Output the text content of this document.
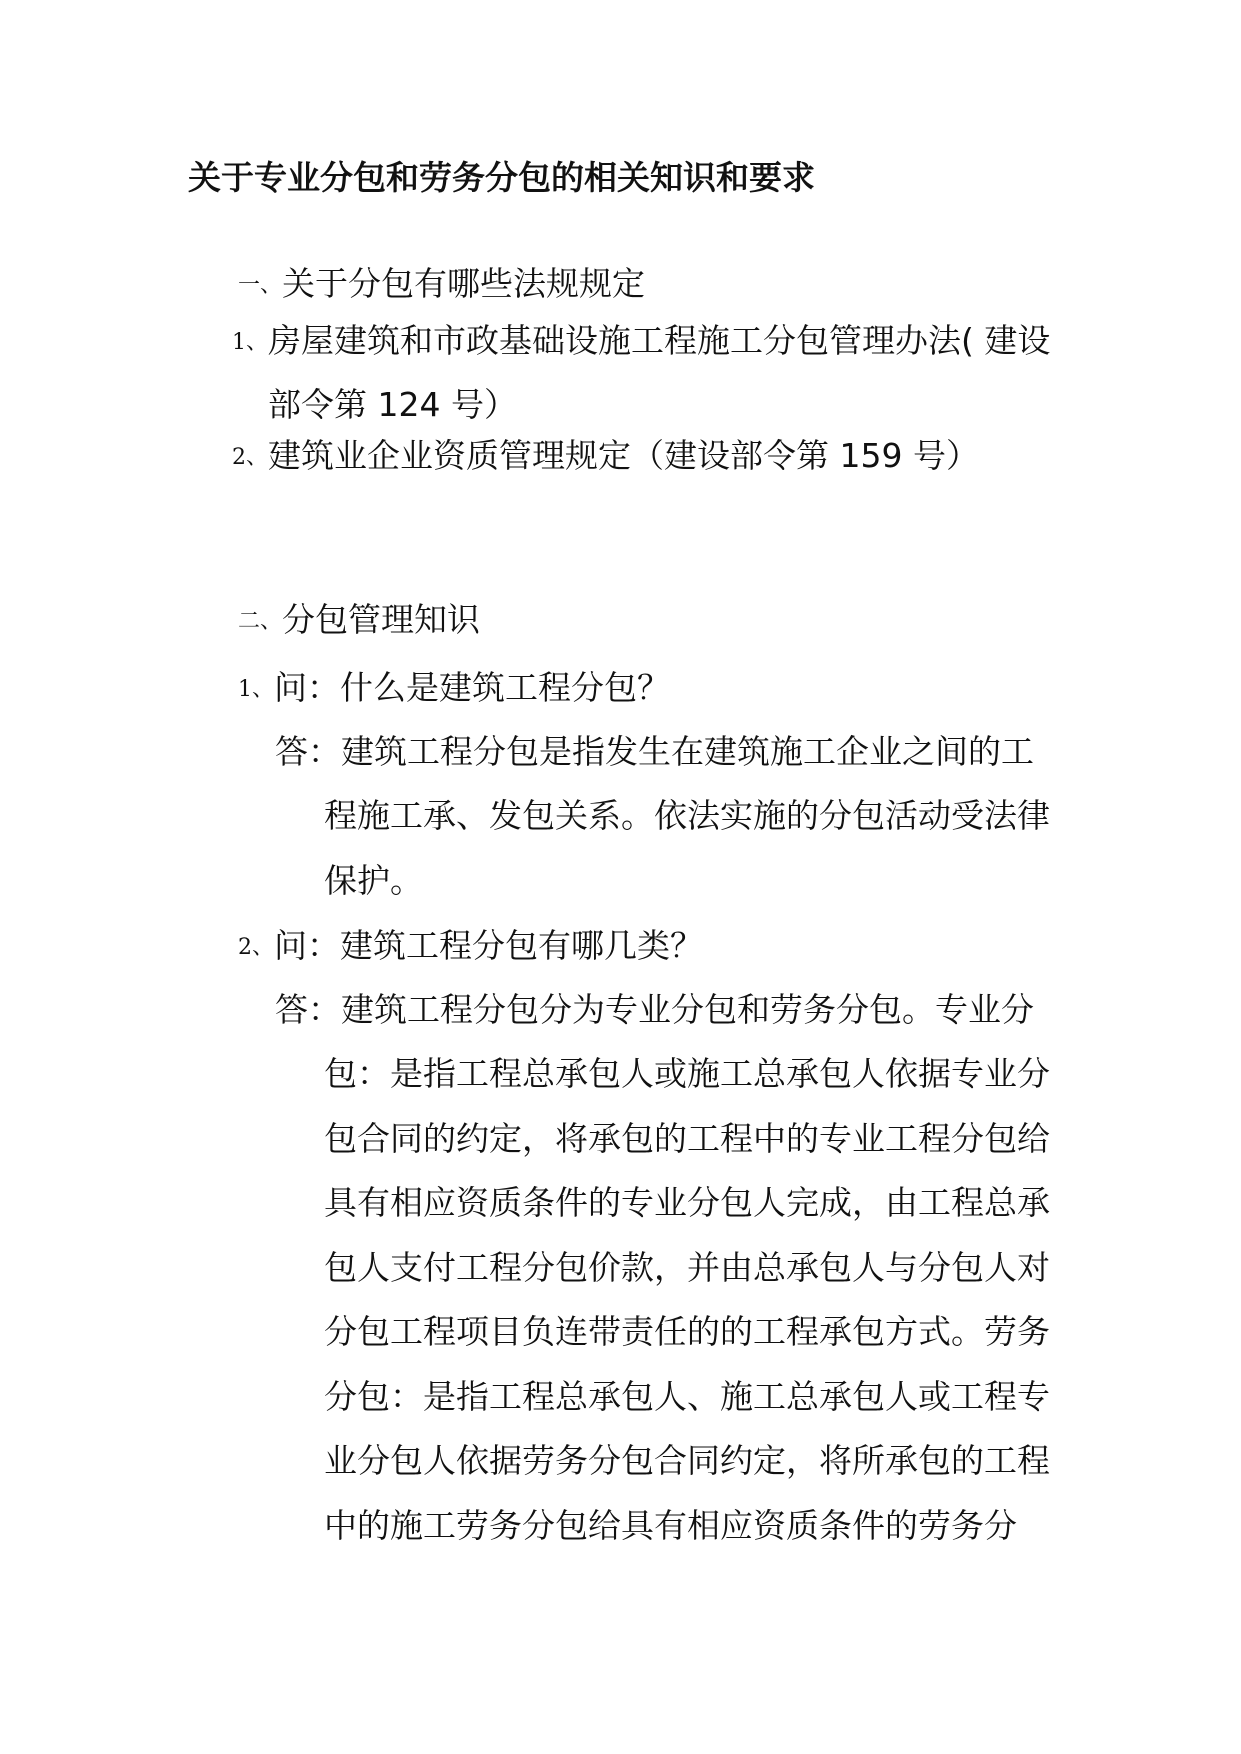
关于专业分包和劳务分包的相关知识和要求
一、关于分包有哪些法规规定
1、房屋建筑和市政基础设施工程施工分包管理办法( 建设
部令第 124 号）
2、建筑业企业资质管理规定（建设部令第 159 号）
二、分包管理知识
1、问：什么是建筑工程分包？
答：建筑工程分包是指发生在建筑施工企业之间的工
程施工承、发包关系。依法实施的分包活动受法律
保护。
2、问：建筑工程分包有哪几类？
答：建筑工程分包分为专业分包和劳务分包。专业分
包：是指工程总承包人或施工总承包人依据专业分
包合同的约定，将承包的工程中的专业工程分包给
具有相应资质条件的专业分包人完成，由工程总承
包人支付工程分包价款，并由总承包人与分包人对
分包工程项目负连带责任的的工程承包方式。劳务
分包：是指工程总承包人、施工总承包人或工程专
业分包人依据劳务分包合同约定，将所承包的工程
中的施工劳务分包给具有相应资质条件的劳务分
